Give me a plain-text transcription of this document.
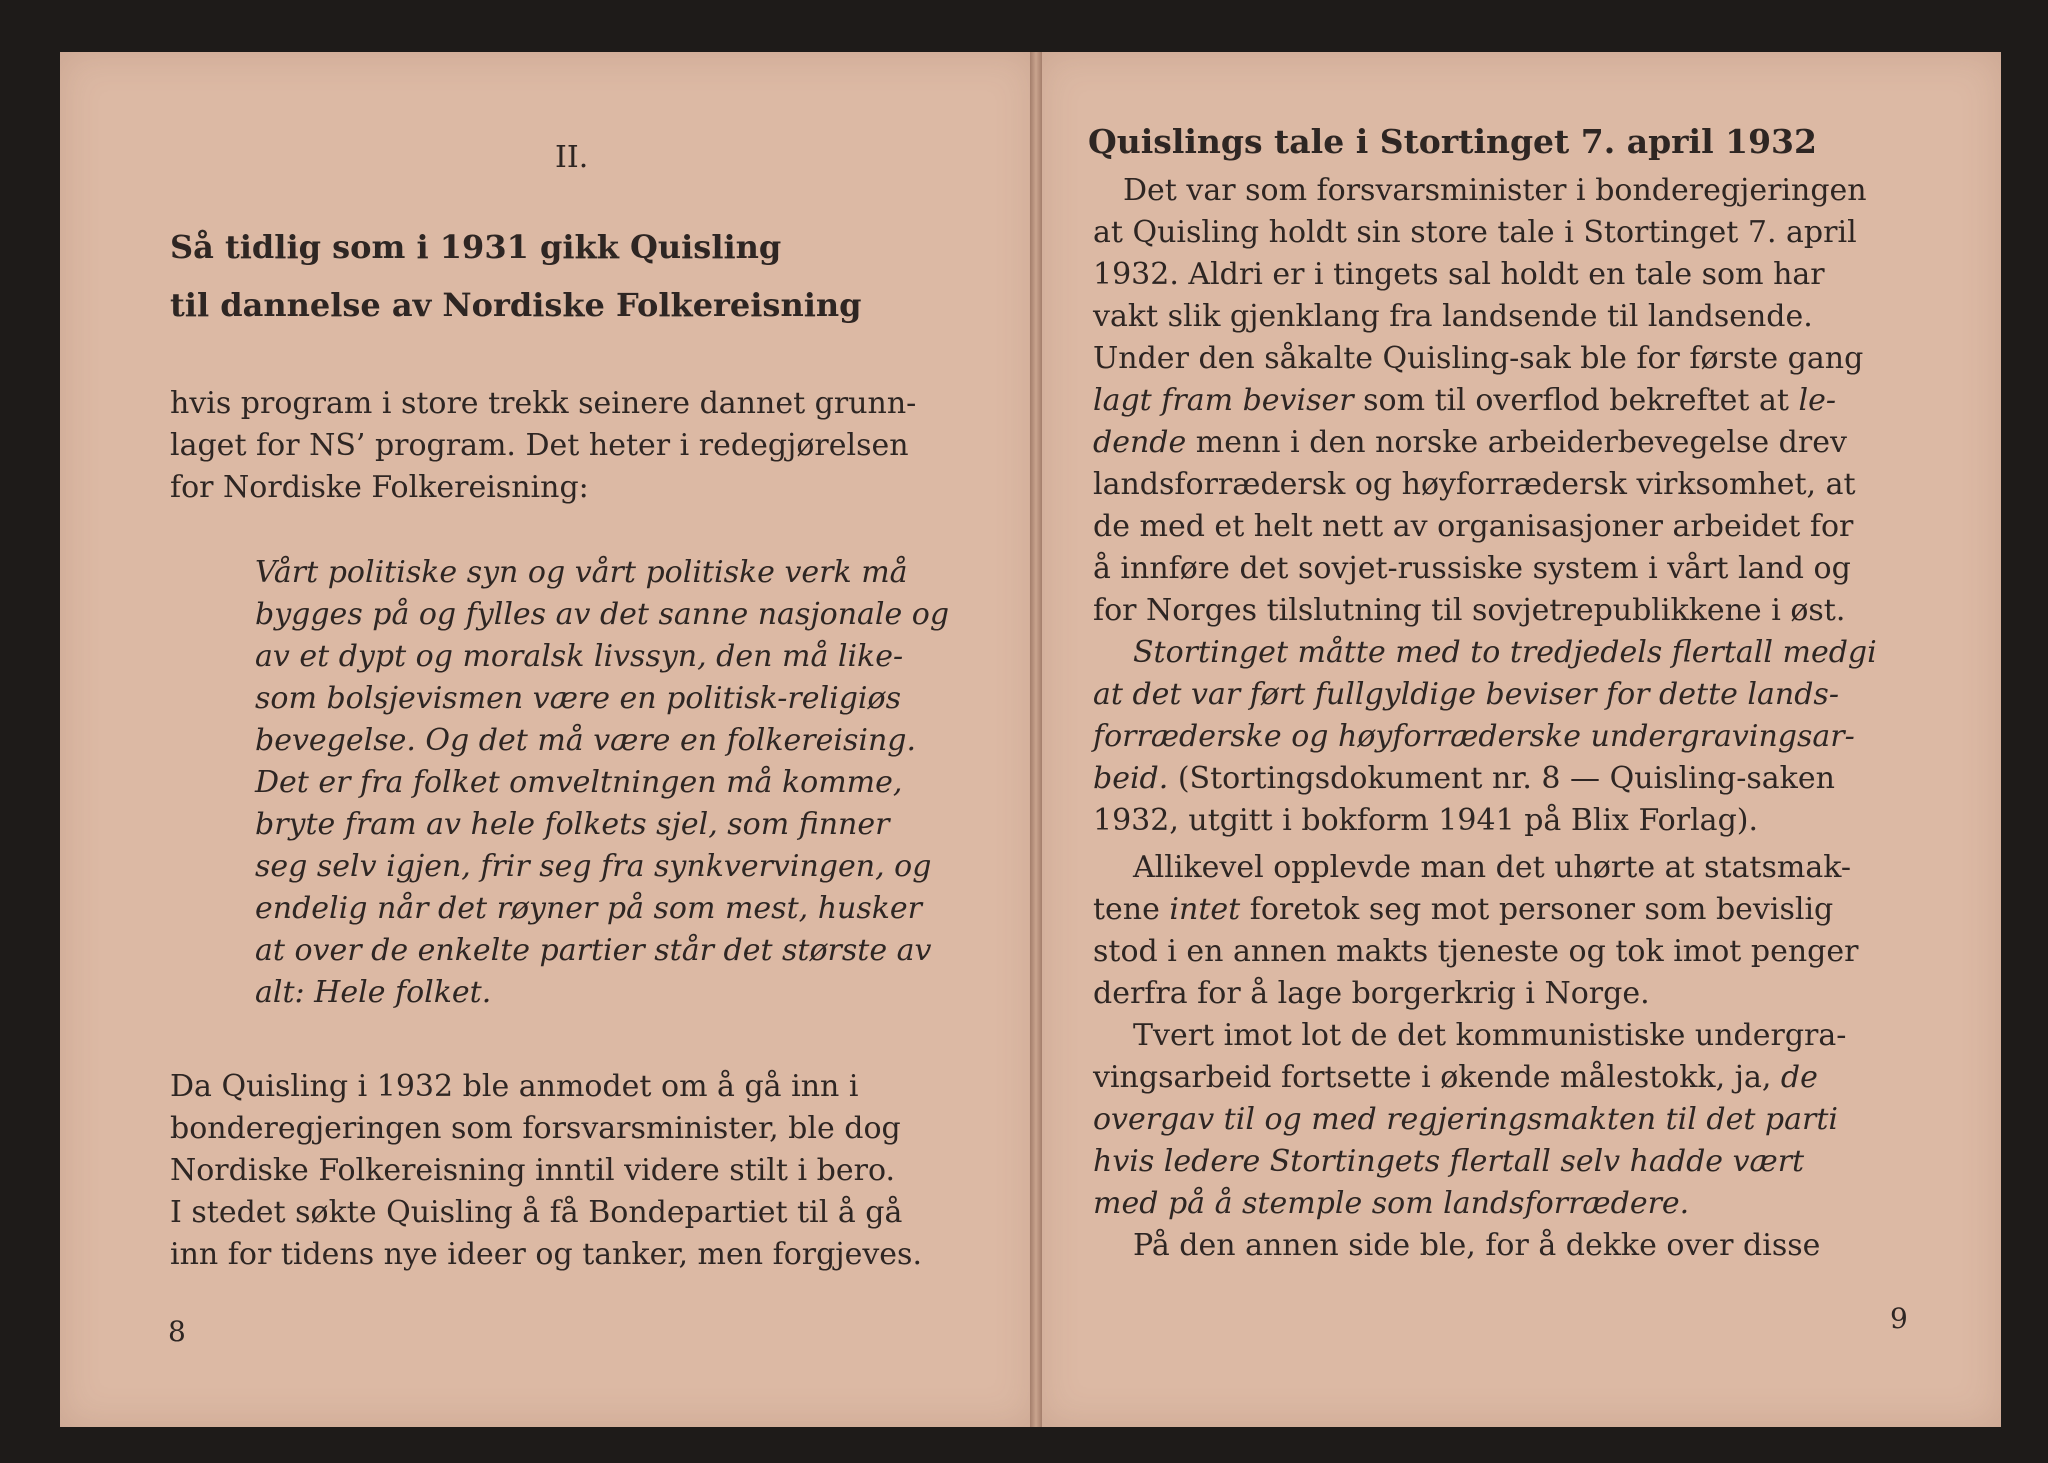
II.
Så tidlig som i 1931 gikk Quisling
til dannelse av Nordiske Folkereisning
hvis program i store trekk seinere dannet grunn-
laget for NS’ program. Det heter i redegjørelsen
for Nordiske Folkereisning:
Vårt politiske syn og vårt politiske verk må
bygges på og fylles av det sanne nasjonale og
av et dypt og moralsk livssyn, den må like-
som bolsjevismen være en politisk-religiøs
bevegelse. Og det må være en folkereising.
Det er fra folket omveltningen må komme,
bryte fram av hele folkets sjel, som finner
seg selv igjen, frir seg fra synkvervingen, og
endelig når det røyner på som mest, husker
at over de enkelte partier står det største av
alt: Hele folket.
Da Quisling i 1932 ble anmodet om å gå inn i
bonderegjeringen som forsvarsminister, ble dog
Nordiske Folkereisning inntil videre stilt i bero.
I stedet søkte Quisling å få Bondepartiet til å gå
inn for tidens nye ideer og tanker, men forgjeves.
8
Quislings tale i Stortinget 7. april 1932
Det var som forsvarsminister i bonderegjeringen
at Quisling holdt sin store tale i Stortinget 7. april
1932. Aldri er i tingets sal holdt en tale som har
vakt slik gjenklang fra landsende til landsende.
Under den såkalte Quisling-sak ble for første gang
lagt fram beviser som til overflod bekreftet at le-
dende menn i den norske arbeiderbevegelse drev
landsforrædersk og høyforrædersk virksomhet, at
de med et helt nett av organisasjoner arbeidet for
å innføre det sovjet-russiske system i vårt land og
for Norges tilslutning til sovjetrepublikkene i øst.
Stortinget måtte med to tredjedels flertall medgi
at det var ført fullgyldige beviser for dette lands-
forræderske og høyforræderske undergravingsar-
beid. (Stortingsdokument nr. 8 — Quisling-saken
1932, utgitt i bokform 1941 på Blix Forlag).
Allikevel opplevde man det uhørte at statsmak-
tene intet foretok seg mot personer som bevislig
stod i en annen makts tjeneste og tok imot penger
derfra for å lage borgerkrig i Norge.
Tvert imot lot de det kommunistiske undergra-
vingsarbeid fortsette i økende målestokk, ja, de
overgav til og med regjeringsmakten til det parti
hvis ledere Stortingets flertall selv hadde vært
med på å stemple som landsforrædere.
På den annen side ble, for å dekke over disse
9
